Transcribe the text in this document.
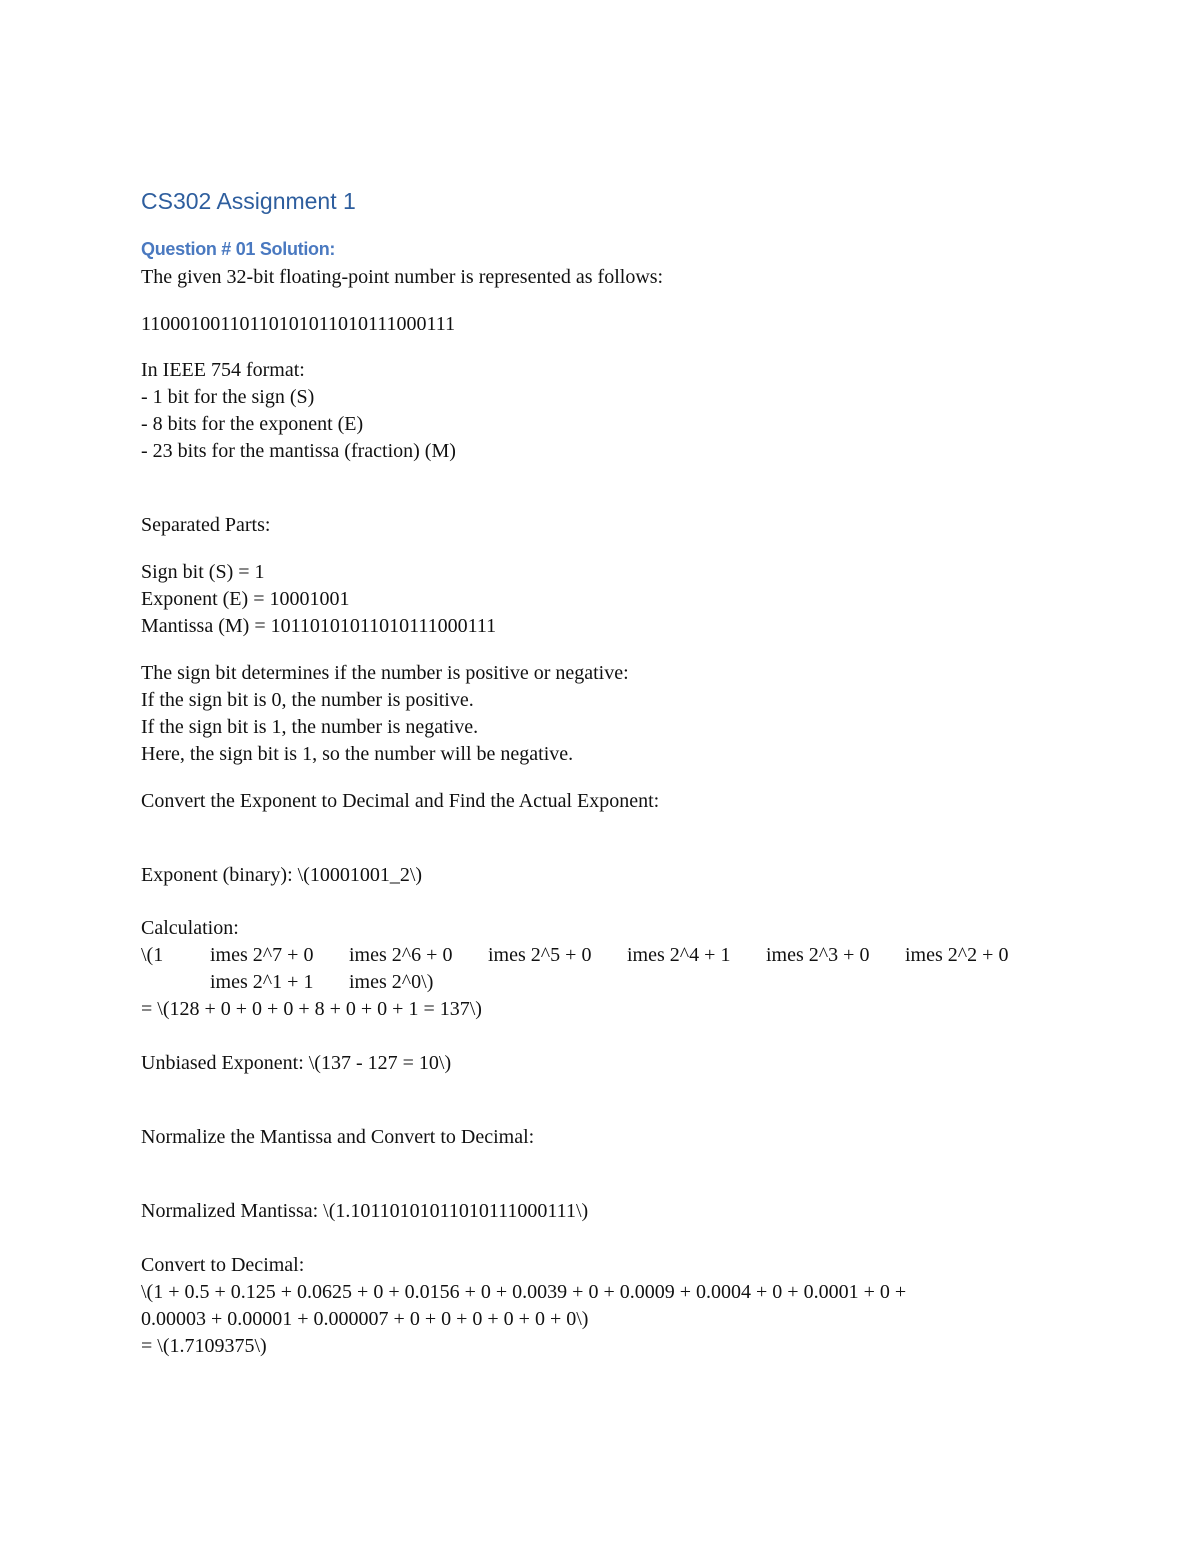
CS302 Assignment 1
Question # 01 Solution:

The given 32-bit floating-point number is represented as follows:

11000100110110101011010111000111

In IEEE 754 format:
- 1 bit for the sign (S)
- 8 bits for the exponent (E)
- 23 bits for the mantissa (fraction) (M)

Separated Parts:

Sign bit (S) = 1
Exponent (E) = 10001001
Mantissa (M) = 10110101011010111000111
The sign bit determines if the number is positive or negative:
If the sign bit is 0, the number is positive.
If the sign bit is 1, the number is negative.
Here, the sign bit is 1, so the number will be negative.

Convert the Exponent to Decimal and Find the Actual Exponent:

Exponent (binary): \(10001001_2\)

Calculation:
\(1 imes 2^7 + 0 imes 2^6 + 0 imes 2^5 + 0 imes 2^4 + 1 imes 2^3 + 0 imes 2^2 + 0
imes 2^1 + 1 imes 2^0\)
= \(128 + 0 + 0 + 0 + 8 + 0 + 0 + 1 = 137\)

Unbiased Exponent: \(137 - 127 = 10\)

Normalize the Mantissa and Convert to Decimal:

Normalized Mantissa: \(1.10110101011010111000111\)

Convert to Decimal:
\(1 + 0.5 + 0.125 + 0.0625 + 0 + 0.0156 + 0 + 0.0039 + 0 + 0.0009 + 0.0004 + 0 + 0.0001 + 0 +
0.00003 + 0.00001 + 0.000007 + 0 + 0 + 0 + 0 + 0 + 0\)
= \(1.7109375\)
